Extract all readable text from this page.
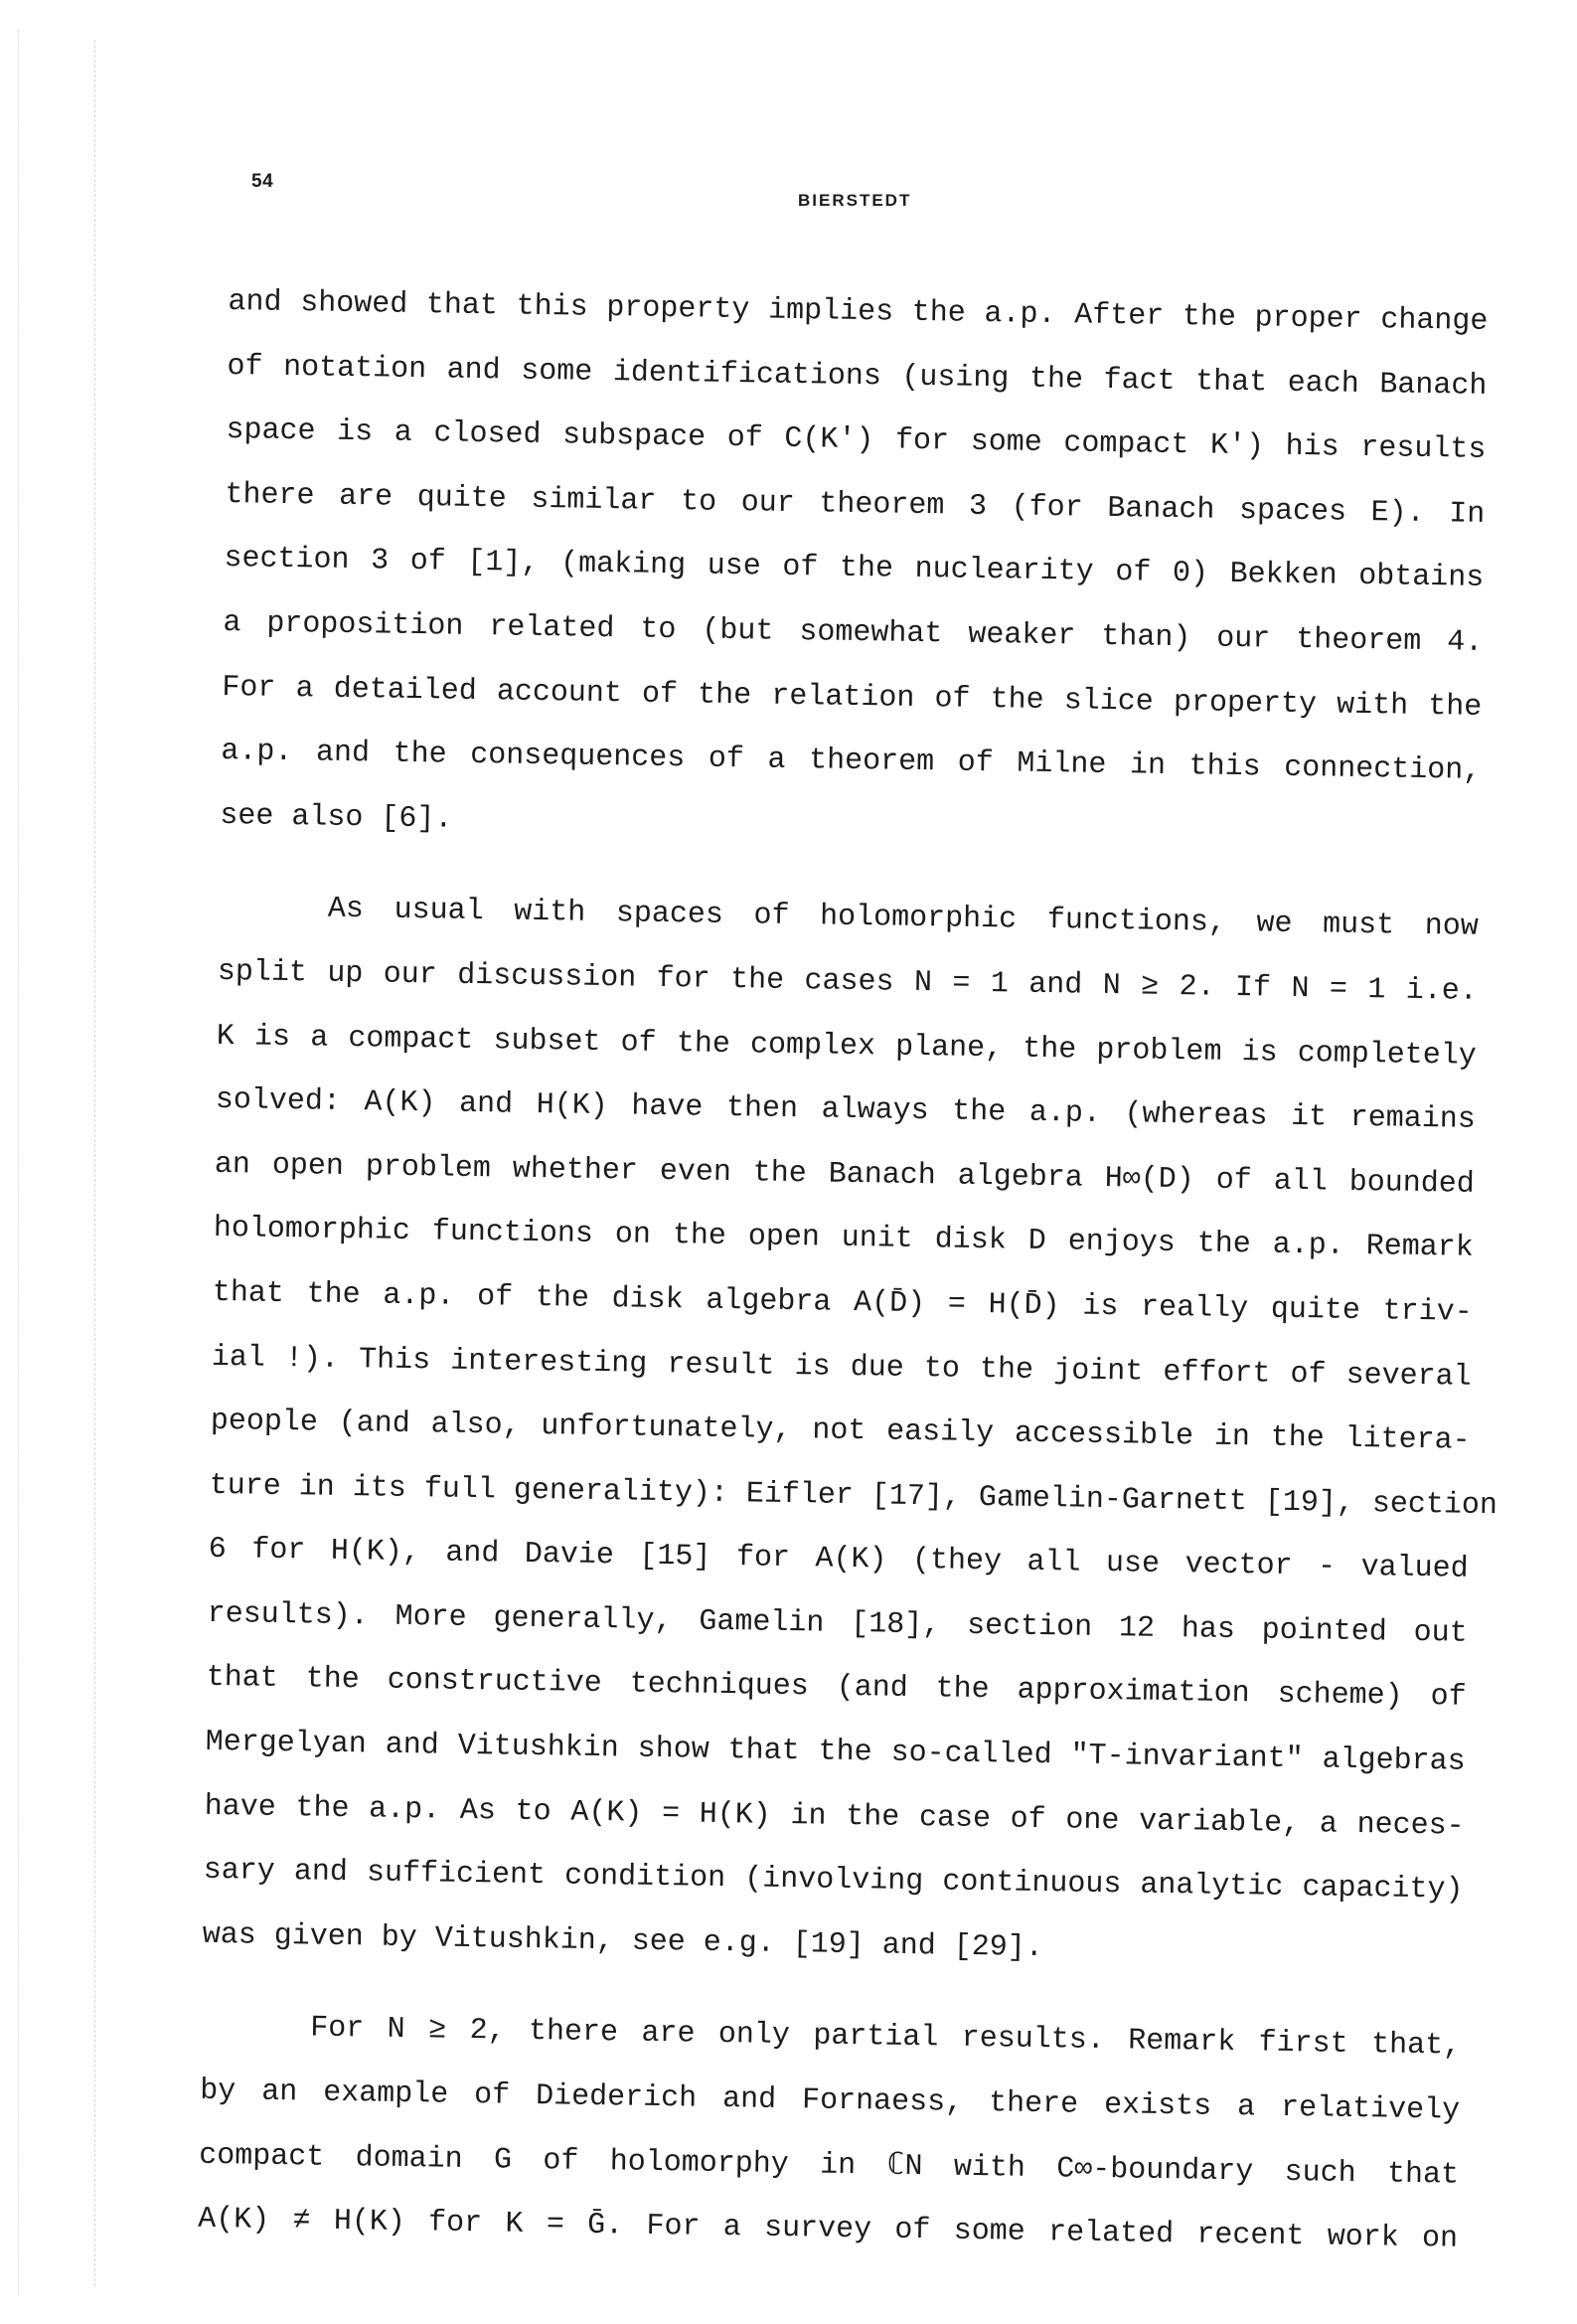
54
BIERSTEDT
and showed that this property implies the a.p. After the proper change
of notation and some identifications (using the fact that each Banach
space is a closed subspace of C(K') for some compact K') his results
there are quite similar to our theorem 3 (for Banach spaces E). In
section 3 of [1], (making use of the nuclearity of 0) Bekken obtains
a proposition related to (but somewhat weaker than) our theorem 4.
For a detailed account of the relation of the slice property with the
a.p. and the consequences of a theorem of Milne in this connection,
see also [6].
As usual with spaces of holomorphic functions, we must now
split up our discussion for the cases N = 1 and N ≥ 2. If N = 1 i.e.
K is a compact subset of the complex plane, the problem is completely
solved: A(K) and H(K) have then always the a.p. (whereas it remains
an open problem whether even the Banach algebra H∞(D) of all bounded
holomorphic functions on the open unit disk D enjoys the a.p. Remark
that the a.p. of the disk algebra A(D̄) = H(D̄) is really quite triv-
ial !). This interesting result is due to the joint effort of several
people (and also, unfortunately, not easily accessible in the litera-
ture in its full generality): Eifler [17], Gamelin-Garnett [19], section
6 for H(K), and Davie [15] for A(K) (they all use vector - valued
results). More generally, Gamelin [18], section 12 has pointed out
that the constructive techniques (and the approximation scheme) of
Mergelyan and Vitushkin show that the so-called "T-invariant" algebras
have the a.p. As to A(K) = H(K) in the case of one variable, a neces-
sary and sufficient condition (involving continuous analytic capacity)
was given by Vitushkin, see e.g. [19] and [29].
For N ≥ 2, there are only partial results. Remark first that,
by an example of Diederich and Fornaess, there exists a relatively
compact domain G of holomorphy in ℂN with C∞-boundary such that
A(K) ≠ H(K) for K = Ḡ. For a survey of some related recent work on
